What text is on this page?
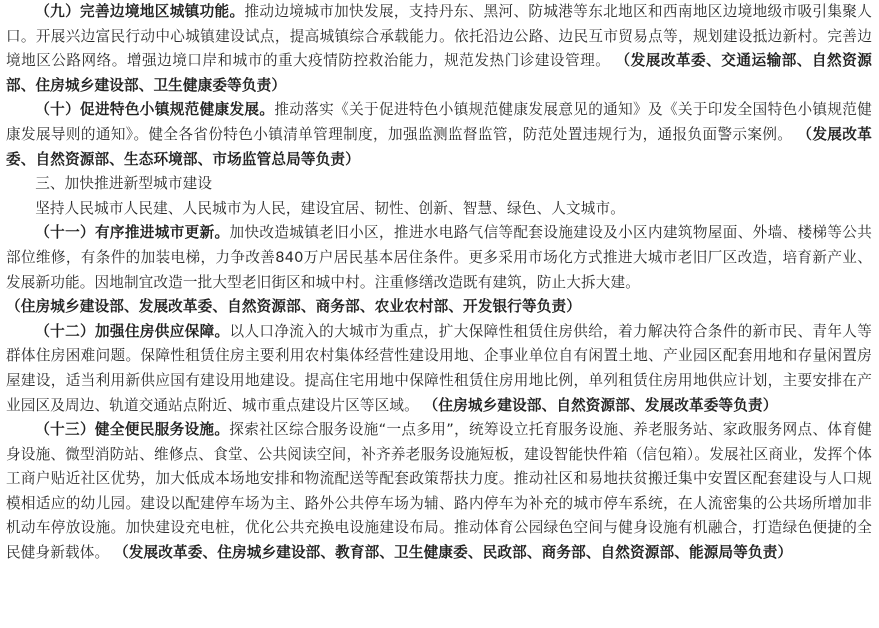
（九）完善边境地区城镇功能。推动边境城市加快发展，支持丹东、黑河、防城港等东北地区和西南地区边境地级市吸引集聚人口。开展兴边富民行动中心城镇建设试点，提高城镇综合承载能力。依托沿边公路、边民互市贸易点等，规划建设抵边新村。完善边境地区公路网络。增强边境口岸和城市的重大疫情防控救治能力，规范发热门诊建设管理。 （发展改革委、交通运输部、自然资源部、住房城乡建设部、卫生健康委等负责）

（十）促进特色小镇规范健康发展。推动落实《关于促进特色小镇规范健康发展意见的通知》及《关于印发全国特色小镇规范健康发展导则的通知》。健全各省份特色小镇清单管理制度，加强监测监督监管，防范处置违规行为，通报负面警示案例。 （发展改革委、自然资源部、生态环境部、市场监管总局等负责）

三、加快推进新型城市建设

坚持人民城市人民建、人民城市为人民，建设宜居、韧性、创新、智慧、绿色、人文城市。

（十一）有序推进城市更新。加快改造城镇老旧小区，推进水电路气信等配套设施建设及小区内建筑物屋面、外墙、楼梯等公共部位维修，有条件的加装电梯，力争改善840万户居民基本居住条件。更多采用市场化方式推进大城市老旧厂区改造，培育新产业、发展新功能。因地制宜改造一批大型老旧街区和城中村。注重修缮改造既有建筑，防止大拆大建。
（住房城乡建设部、发展改革委、自然资源部、商务部、农业农村部、开发银行等负责）

（十二）加强住房供应保障。以人口净流入的大城市为重点，扩大保障性租赁住房供给，着力解决符合条件的新市民、青年人等群体住房困难问题。保障性租赁住房主要利用农村集体经营性建设用地、企事业单位自有闲置土地、产业园区配套用地和存量闲置房屋建设，适当利用新供应国有建设用地建设。提高住宅用地中保障性租赁住房用地比例，单列租赁住房用地供应计划，主要安排在产业园区及周边、轨道交通站点附近、城市重点建设片区等区域。 （住房城乡建设部、自然资源部、发展改革委等负责）

（十三）健全便民服务设施。探索社区综合服务设施“一点多用”，统筹设立托育服务设施、养老服务站、家政服务网点、体育健身设施、微型消防站、维修点、食堂、公共阅读空间，补齐养老服务设施短板，建设智能快件箱（信包箱）。发展社区商业，发挥个体工商户贴近社区优势，加大低成本场地安排和物流配送等配套政策帮扶力度。推动社区和易地扶贫搬迁集中安置区配套建设与人口规模相适应的幼儿园。建设以配建停车场为主、路外公共停车场为辅、路内停车为补充的城市停车系统，在人流密集的公共场所增加非机动车停放设施。加快建设充电桩，优化公共充换电设施建设布局。推动体育公园绿色空间与健身设施有机融合，打造绿色便捷的全民健身新载体。 （发展改革委、住房城乡建设部、教育部、卫生健康委、民政部、商务部、自然资源部、能源局等负责）
